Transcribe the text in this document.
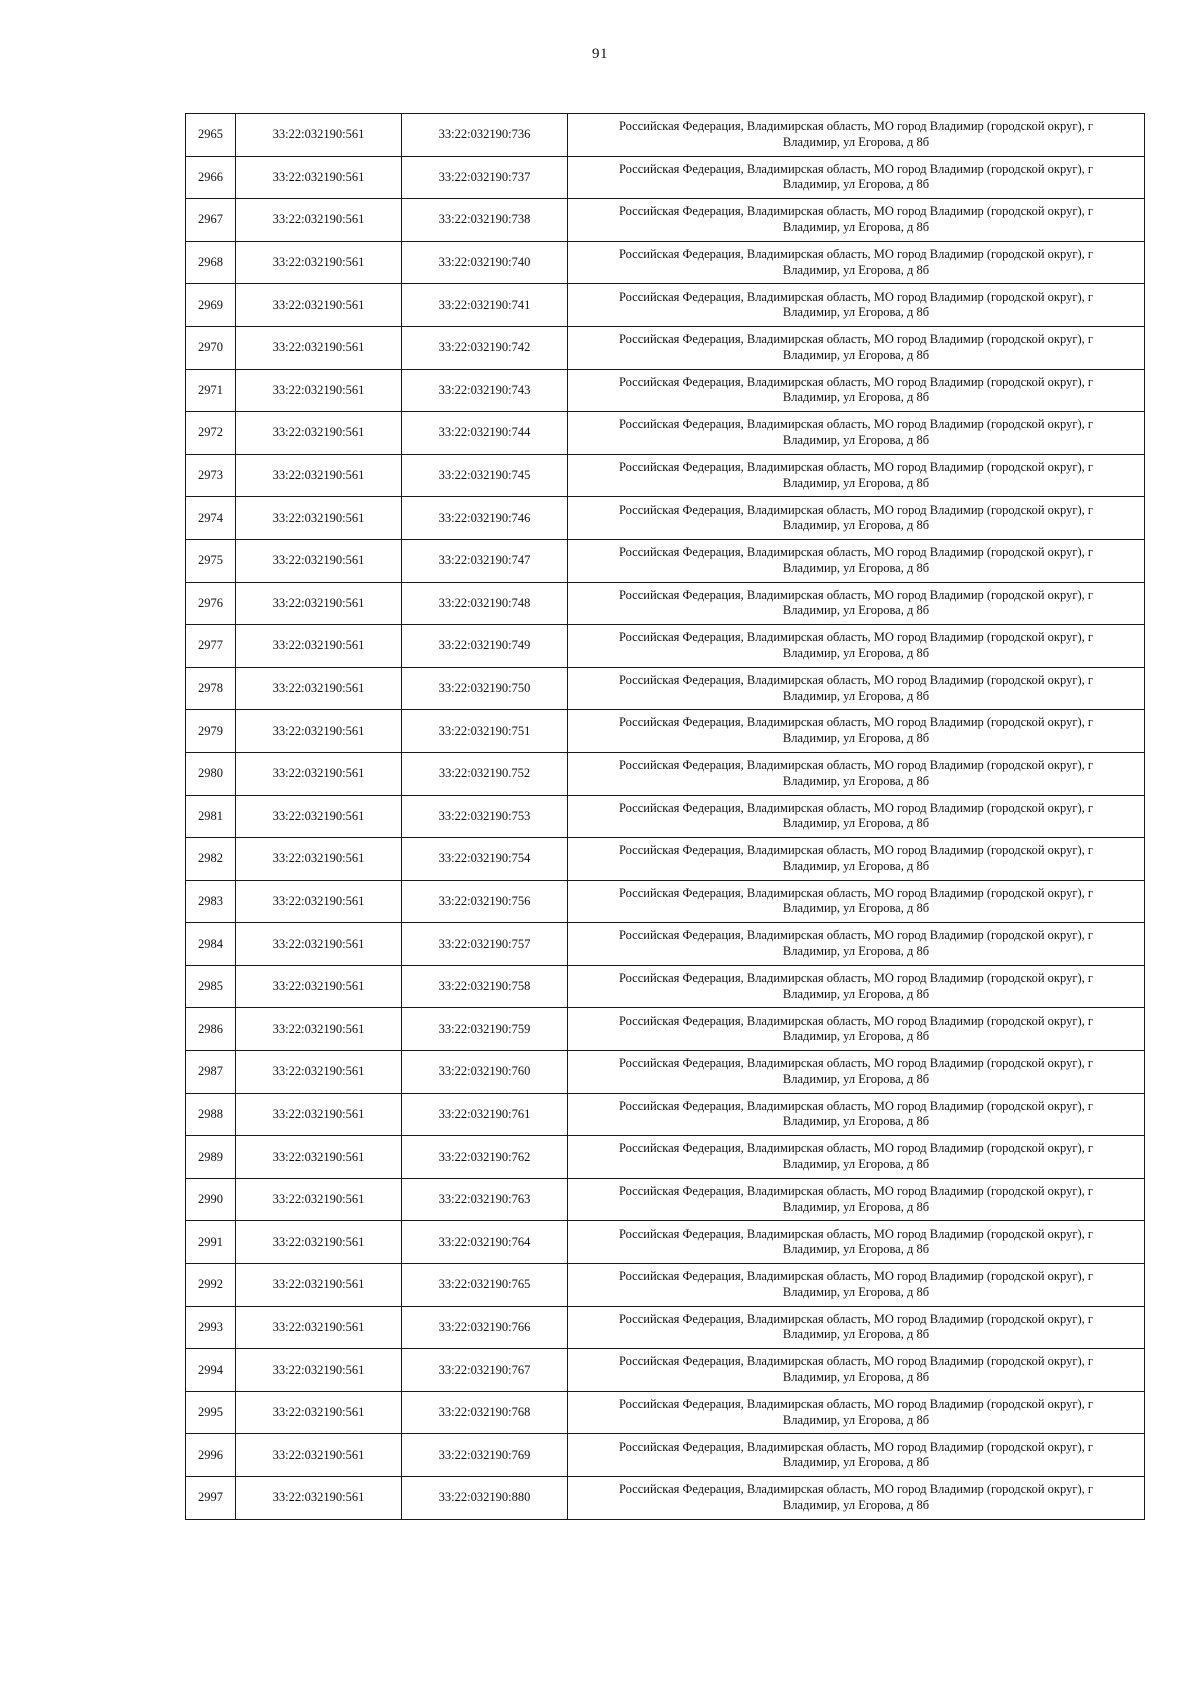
91
2965	33:22:032190:561	33:22:032190:736	Российская Федерация, Владимирская область, МО город Владимир (городской округ), г
Владимир, ул Егорова, д 8б

2966	33:22:032190:561	33:22:032190:737	Российская Федерация, Владимирская область, МО город Владимир (городской округ), г
Владимир, ул Егорова, д 8б

2967	33:22:032190:561	33:22:032190:738	Российская Федерация, Владимирская область, МО город Владимир (городской округ), г
Владимир, ул Егорова, д 8б

2968	33:22:032190:561	33:22:032190:740	Российская Федерация, Владимирская область, МО город Владимир (городской округ), г
Владимир, ул Егорова, д 8б

2969	33:22:032190:561	33:22:032190:741	Российская Федерация, Владимирская область, МО город Владимир (городской округ), г
Владимир, ул Егорова, д 8б

2970	33:22:032190:561	33:22:032190:742	Российская Федерация, Владимирская область, МО город Владимир (городской округ), г
Владимир, ул Егорова, д 8б

2971	33:22:032190:561	33:22:032190:743	Российская Федерация, Владимирская область, МО город Владимир (городской округ), г
Владимир, ул Егорова, д 8б

2972	33:22:032190:561	33:22:032190:744	Российская Федерация, Владимирская область, МО город Владимир (городской округ), г
Владимир, ул Егорова, д 8б

2973	33:22:032190:561	33:22:032190:745	Российская Федерация, Владимирская область, МО город Владимир (городской округ), г
Владимир, ул Егорова, д 8б

2974	33:22:032190:561	33:22:032190:746	Российская Федерация, Владимирская область, МО город Владимир (городской округ), г
Владимир, ул Егорова, д 8б

2975	33:22:032190:561	33:22:032190:747	Российская Федерация, Владимирская область, МО город Владимир (городской округ), г
Владимир, ул Егорова, д 8б

2976	33:22:032190:561	33:22:032190:748	Российская Федерация, Владимирская область, МО город Владимир (городской округ), г
Владимир, ул Егорова, д 8б

2977	33:22:032190:561	33:22:032190:749	Российская Федерация, Владимирская область, МО город Владимир (городской округ), г
Владимир, ул Егорова, д 8б

2978	33:22:032190:561	33:22:032190:750	Российская Федерация, Владимирская область, МО город Владимир (городской округ), г
Владимир, ул Егорова, д 8б

2979	33:22:032190:561	33:22:032190:751	Российская Федерация, Владимирская область, МО город Владимир (городской округ), г
Владимир, ул Егорова, д 8б

2980	33:22:032190:561	33:22:032190.752	Российская Федерация, Владимирская область, МО город Владимир (городской округ), г
Владимир, ул Егорова, д 8б

2981	33:22:032190:561	33:22:032190:753	Российская Федерация, Владимирская область, МО город Владимир (городской округ), г
Владимир, ул Егорова, д 8б

2982	33:22:032190:561	33:22:032190:754	Российская Федерация, Владимирская область, МО город Владимир (городской округ), г
Владимир, ул Егорова, д 8б

2983	33:22:032190:561	33:22:032190:756	Российская Федерация, Владимирская область, МО город Владимир (городской округ), г
Владимир, ул Егорова, д 8б

2984	33:22:032190:561	33:22:032190:757	Российская Федерация, Владимирская область, МО город Владимир (городской округ), г
Владимир, ул Егорова, д 8б

2985	33:22:032190:561	33:22:032190:758	Российская Федерация, Владимирская область, МО город Владимир (городской округ), г
Владимир, ул Егорова, д 8б

2986	33:22:032190:561	33:22:032190:759	Российская Федерация, Владимирская область, МО город Владимир (городской округ), г
Владимир, ул Егорова, д 8б

2987	33:22:032190:561	33:22:032190:760	Российская Федерация, Владимирская область, МО город Владимир (городской округ), г
Владимир, ул Егорова, д 8б

2988	33:22:032190:561	33:22:032190:761	Российская Федерация, Владимирская область, МО город Владимир (городской округ), г
Владимир, ул Егорова, д 8б

2989	33:22:032190:561	33:22:032190:762	Российская Федерация, Владимирская область, МО город Владимир (городской округ), г
Владимир, ул Егорова, д 8б

2990	33:22:032190:561	33:22:032190:763	Российская Федерация, Владимирская область, МО город Владимир (городской округ), г
Владимир, ул Егорова, д 8б

2991	33:22:032190:561	33:22:032190:764	Российская Федерация, Владимирская область, МО город Владимир (городской округ), г
Владимир, ул Егорова, д 8б

2992	33:22:032190:561	33:22:032190:765	Российская Федерация, Владимирская область, МО город Владимир (городской округ), г
Владимир, ул Егорова, д 8б

2993	33:22:032190:561	33:22:032190:766	Российская Федерация, Владимирская область, МО город Владимир (городской округ), г
Владимир, ул Егорова, д 8б

2994	33:22:032190:561	33:22:032190:767	Российская Федерация, Владимирская область, МО город Владимир (городской округ), г
Владимир, ул Егорова, д 8б

2995	33:22:032190:561	33:22:032190:768	Российская Федерация, Владимирская область, МО город Владимир (городской округ), г
Владимир, ул Егорова, д 8б

2996	33:22:032190:561	33:22:032190:769	Российская Федерация, Владимирская область, МО город Владимир (городской округ), г
Владимир, ул Егорова, д 8б

2997	33:22:032190:561	33:22:032190:880	Российская Федерация, Владимирская область, МО город Владимир (городской округ), г
Владимир, ул Егорова, д 8б
